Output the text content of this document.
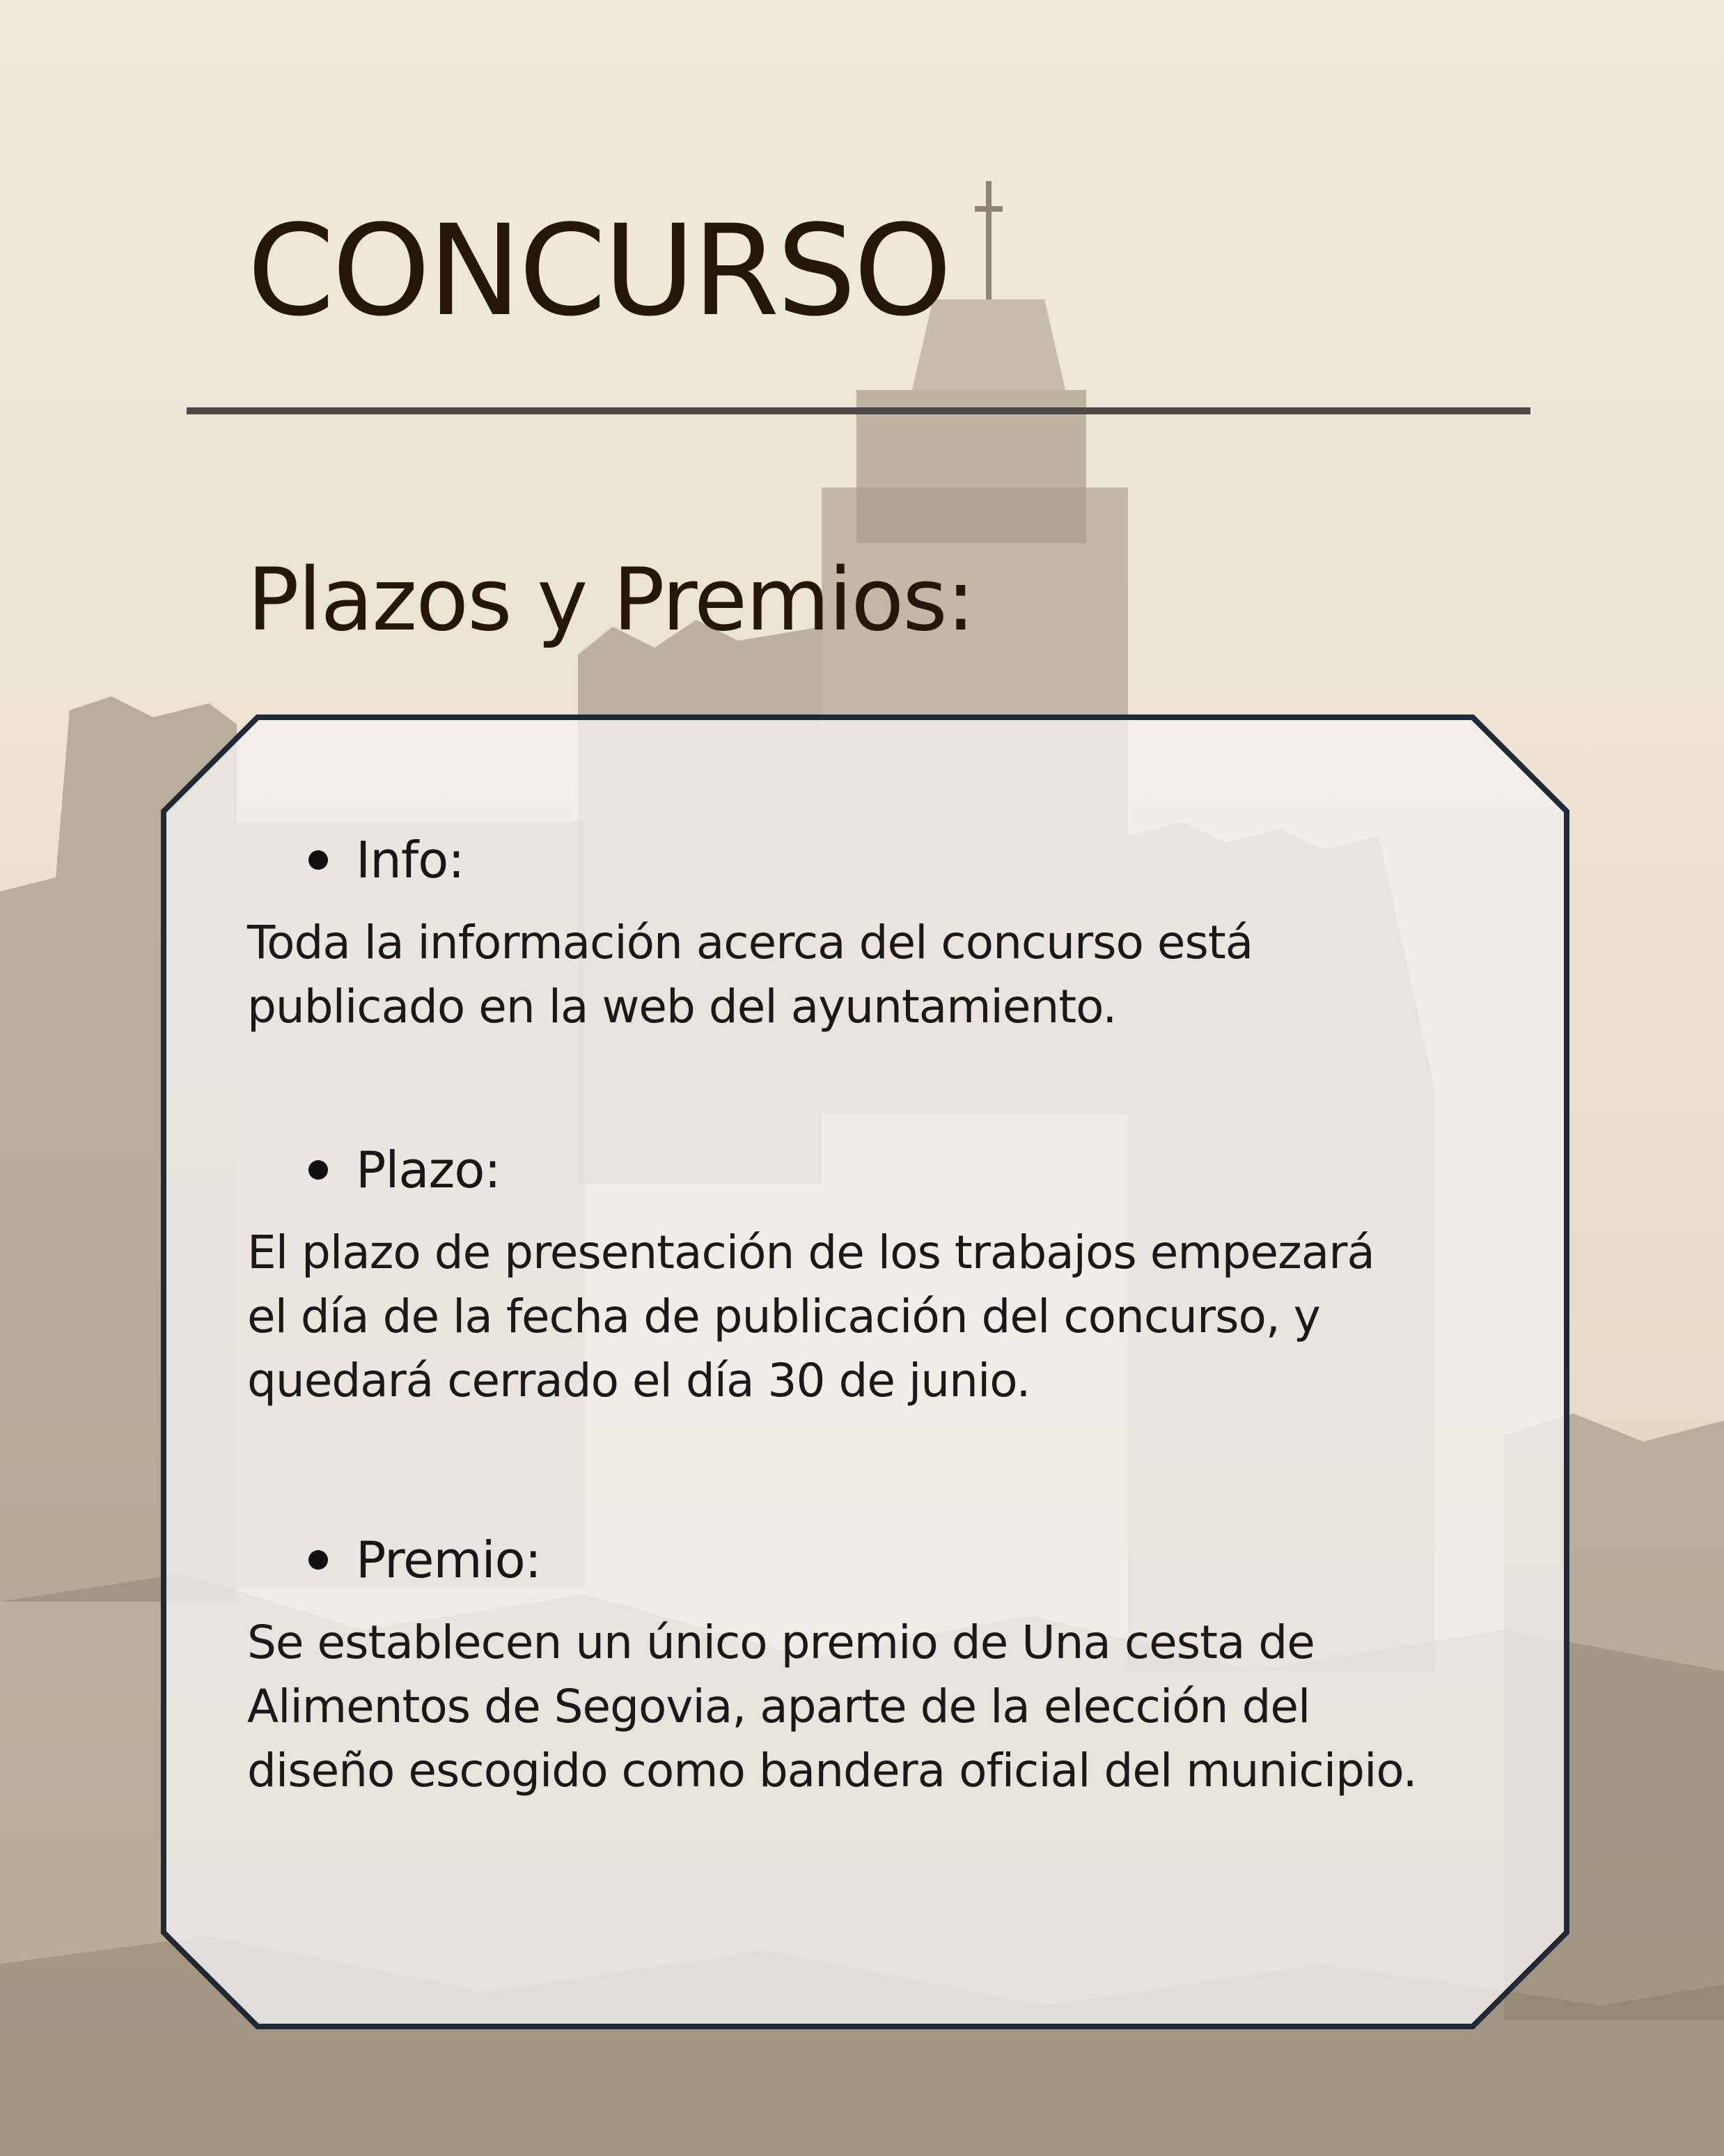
CONCURSO
Plazos y Premios:
Info:
Toda la información acerca del concurso está
publicado en la web del ayuntamiento.
Plazo:
El plazo de presentación de los trabajos empezará
el día de la fecha de publicación del concurso, y
quedará cerrado el día 30 de junio.
Premio:
Se establecen un único premio de Una cesta de
Alimentos de Segovia, aparte de la elección del
diseño escogido como bandera oficial del municipio.
